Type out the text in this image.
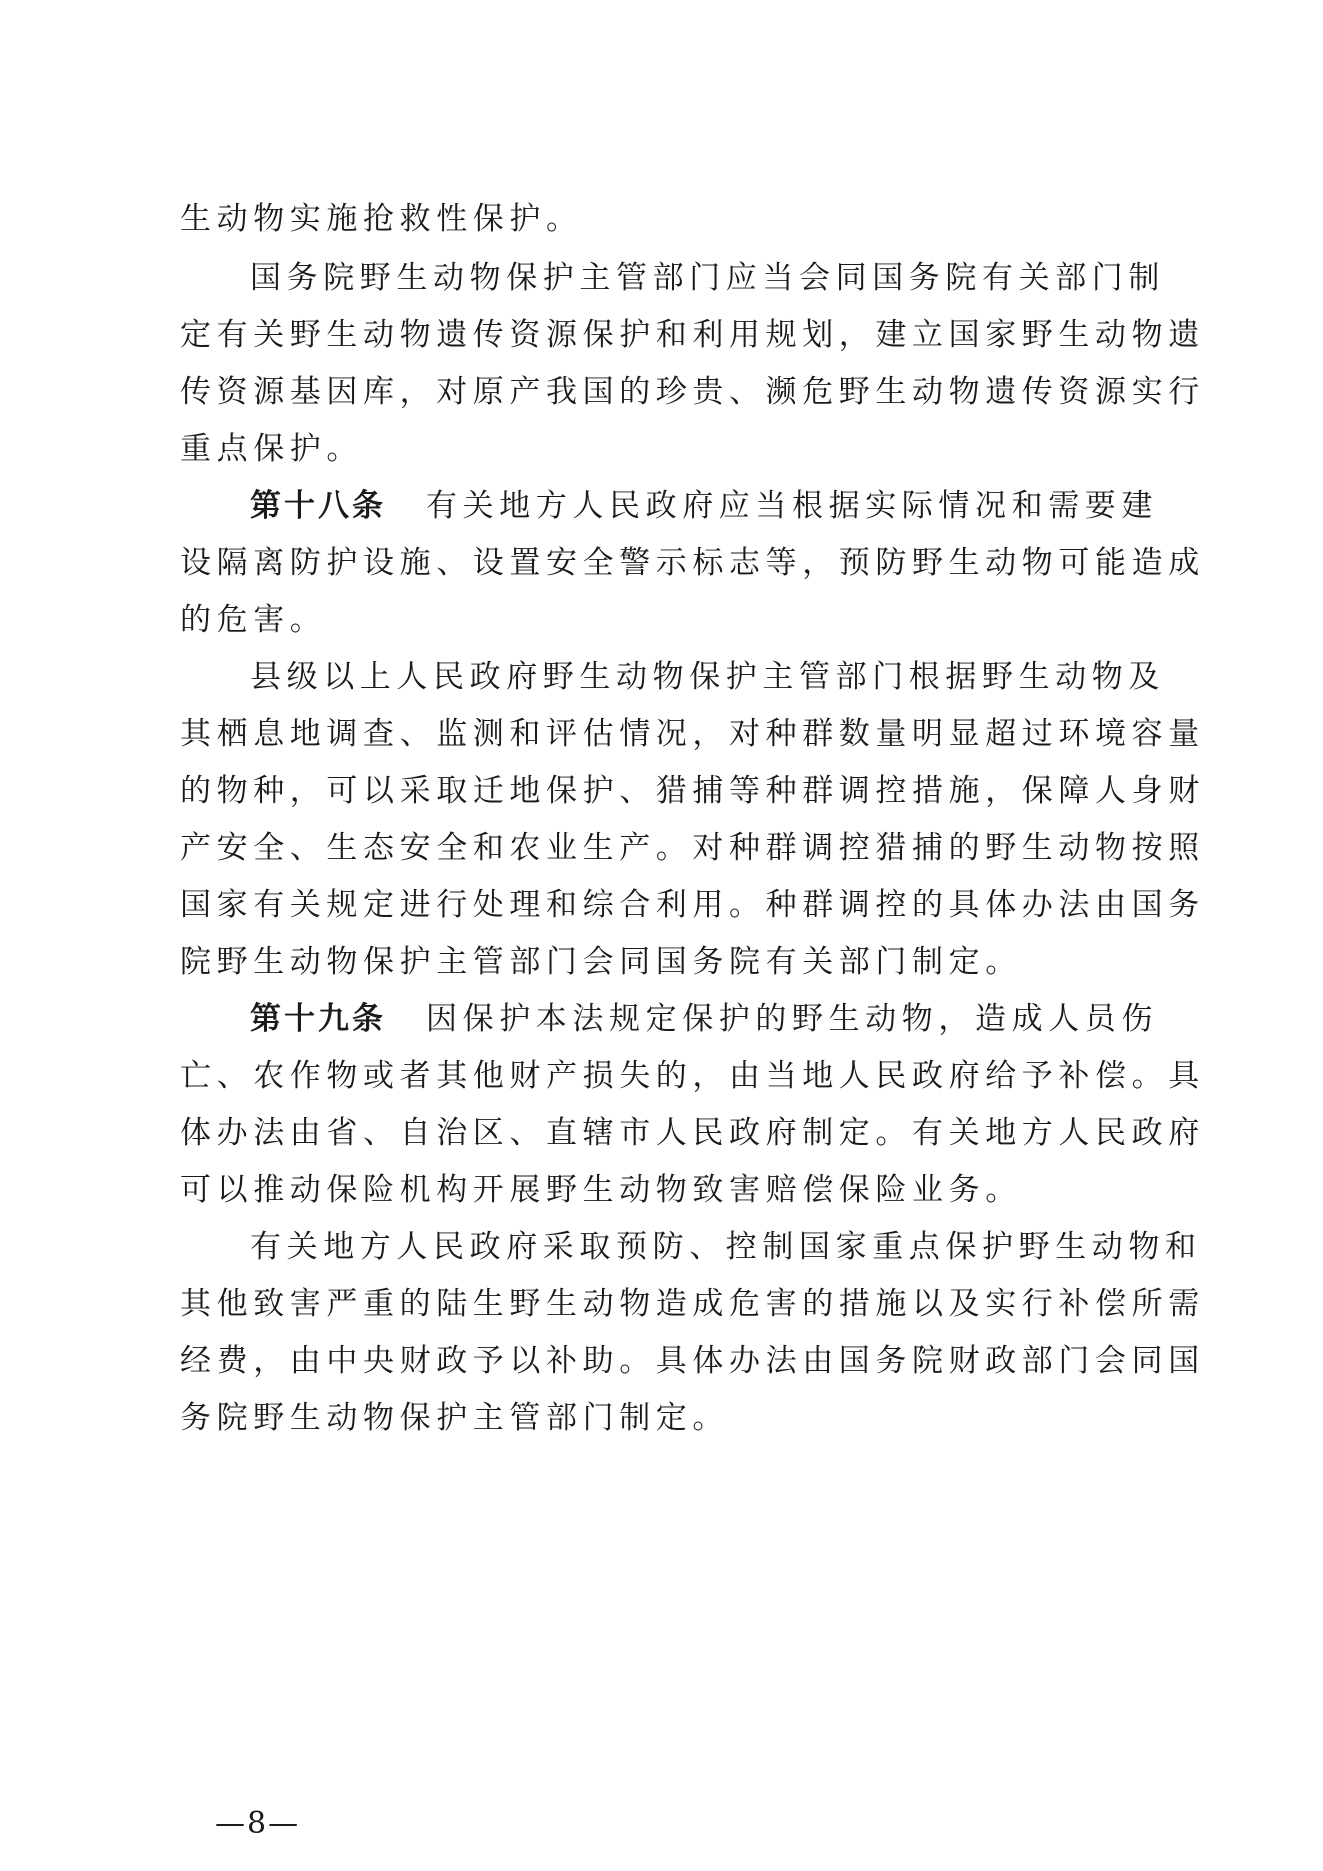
生动物实施抢救性保护。
国务院野生动物保护主管部门应当会同国务院有关部门制
定有关野生动物遗传资源保护和利用规划，建立国家野生动物遗
传资源基因库，对原产我国的珍贵、濒危野生动物遗传资源实行
重点保护。
第十八条 有关地方人民政府应当根据实际情况和需要建
设隔离防护设施、设置安全警示标志等，预防野生动物可能造成
的危害。
县级以上人民政府野生动物保护主管部门根据野生动物及
其栖息地调查、监测和评估情况，对种群数量明显超过环境容量
的物种，可以采取迁地保护、猎捕等种群调控措施，保障人身财
产安全、生态安全和农业生产。对种群调控猎捕的野生动物按照
国家有关规定进行处理和综合利用。种群调控的具体办法由国务
院野生动物保护主管部门会同国务院有关部门制定。
第十九条 因保护本法规定保护的野生动物，造成人员伤
亡、农作物或者其他财产损失的，由当地人民政府给予补偿。具
体办法由省、自治区、直辖市人民政府制定。有关地方人民政府
可以推动保险机构开展野生动物致害赔偿保险业务。
有关地方人民政府采取预防、控制国家重点保护野生动物和
其他致害严重的陆生野生动物造成危害的措施以及实行补偿所需
经费，由中央财政予以补助。具体办法由国务院财政部门会同国
务院野生动物保护主管部门制定。
—8—
